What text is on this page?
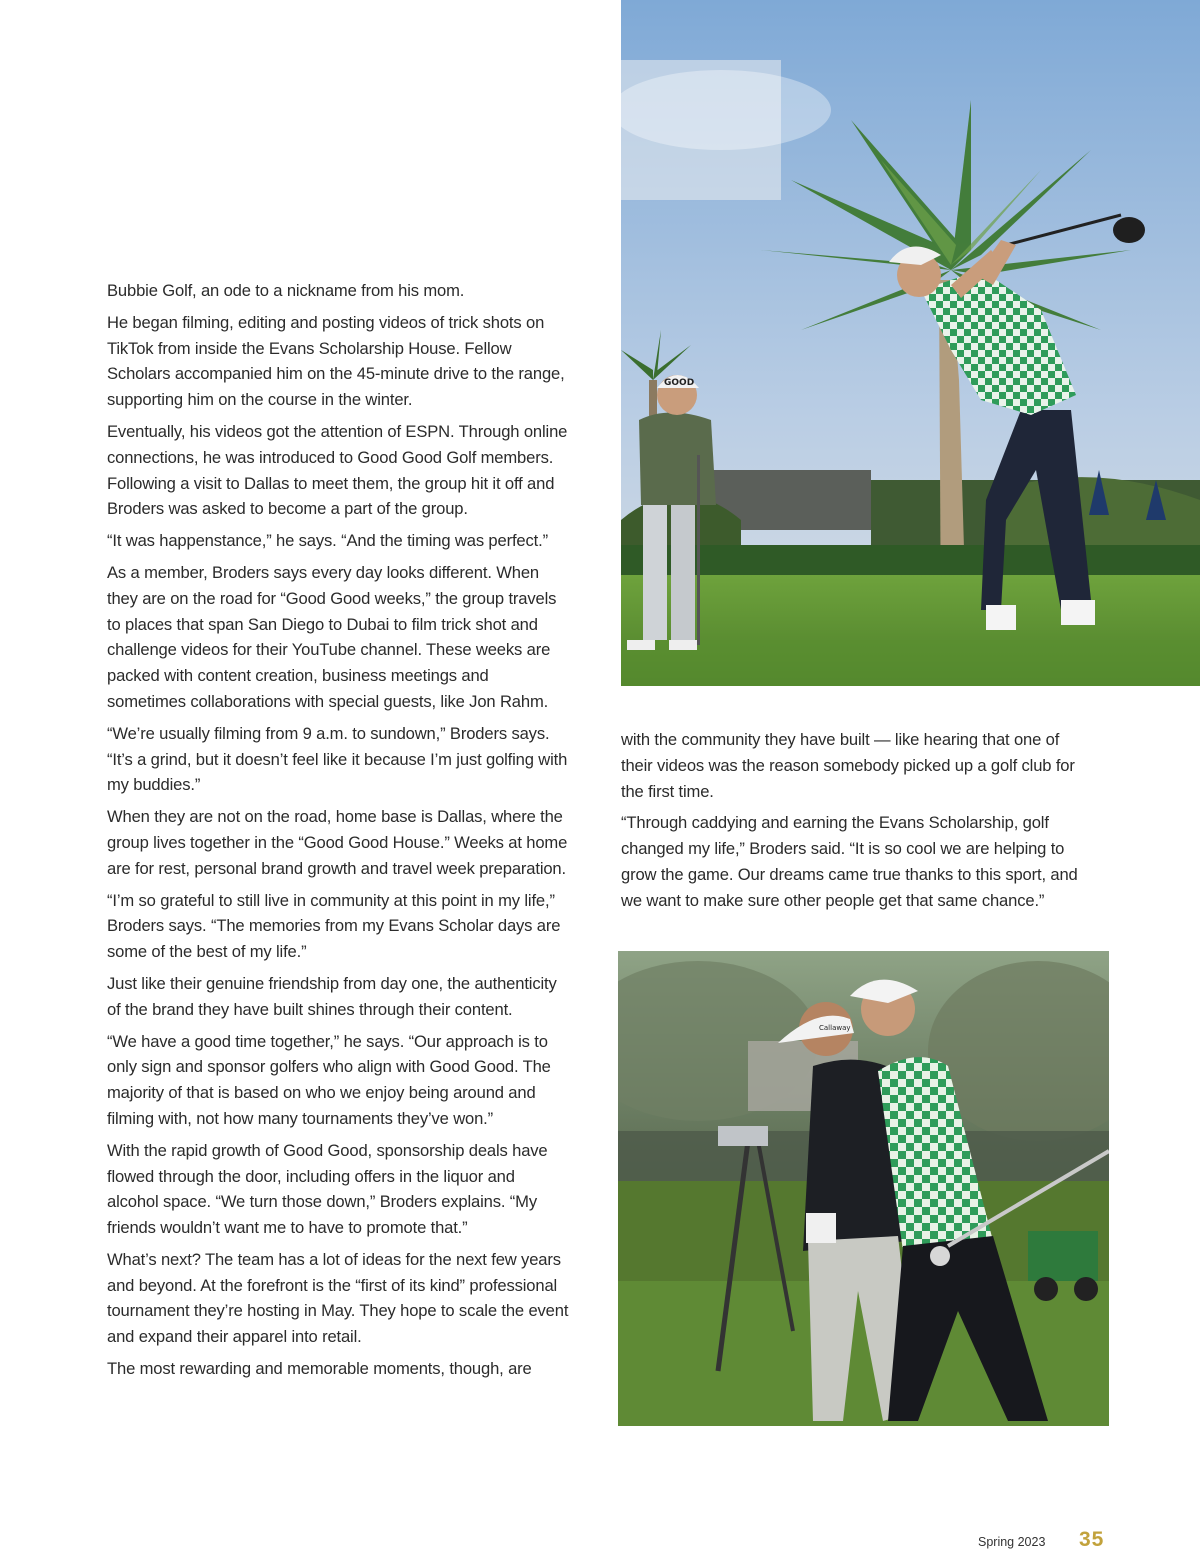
Bubbie Golf, an ode to a nickname from his mom.

He began filming, editing and posting videos of trick shots on TikTok from inside the Evans Scholarship House. Fellow Scholars accompanied him on the 45-minute drive to the range, supporting him on the course in the winter.

Eventually, his videos got the attention of ESPN. Through online connections, he was introduced to Good Good Golf members. Following a visit to Dallas to meet them, the group hit it off and Broders was asked to become a part of the group.

“It was happenstance,” he says. “And the timing was perfect.”

As a member, Broders says every day looks different. When they are on the road for “Good Good weeks,” the group travels to places that span San Diego to Dubai to film trick shot and challenge videos for their YouTube channel. These weeks are packed with content creation, business meetings and sometimes collaborations with special guests, like Jon Rahm.

“We’re usually filming from 9 a.m. to sundown,” Broders says. “It’s a grind, but it doesn’t feel like it because I’m just golfing with my buddies.”

When they are not on the road, home base is Dallas, where the group lives together in the “Good Good House.” Weeks at home are for rest, personal brand growth and travel week preparation.

“I’m so grateful to still live in community at this point in my life,” Broders says. “The memories from my Evans Scholar days are some of the best of my life.”

Just like their genuine friendship from day one, the authenticity of the brand they have built shines through their content.

“We have a good time together,” he says. “Our approach is to only sign and sponsor golfers who align with Good Good. The majority of that is based on who we enjoy being around and filming with, not how many tournaments they’ve won.”

With the rapid growth of Good Good, sponsorship deals have flowed through the door, including offers in the liquor and alcohol space. “We turn those down,” Broders explains. “My friends wouldn’t want me to have to promote that.”

What’s next? The team has a lot of ideas for the next few years and beyond. At the forefront is the “first of its kind” professional tournament they’re hosting in May. They hope to scale the event and expand their apparel into retail.

The most rewarding and memorable moments, though, are

GOOD

with the community they have built — like hearing that one of their videos was the reason somebody picked up a golf club for the first time.

“Through caddying and earning the Evans Scholarship, golf changed my life,” Broders said. “It is so cool we are helping to grow the game. Our dreams came true thanks to this sport, and we want to make sure other people get that same chance.”

Callaway
Spring 2023 35
